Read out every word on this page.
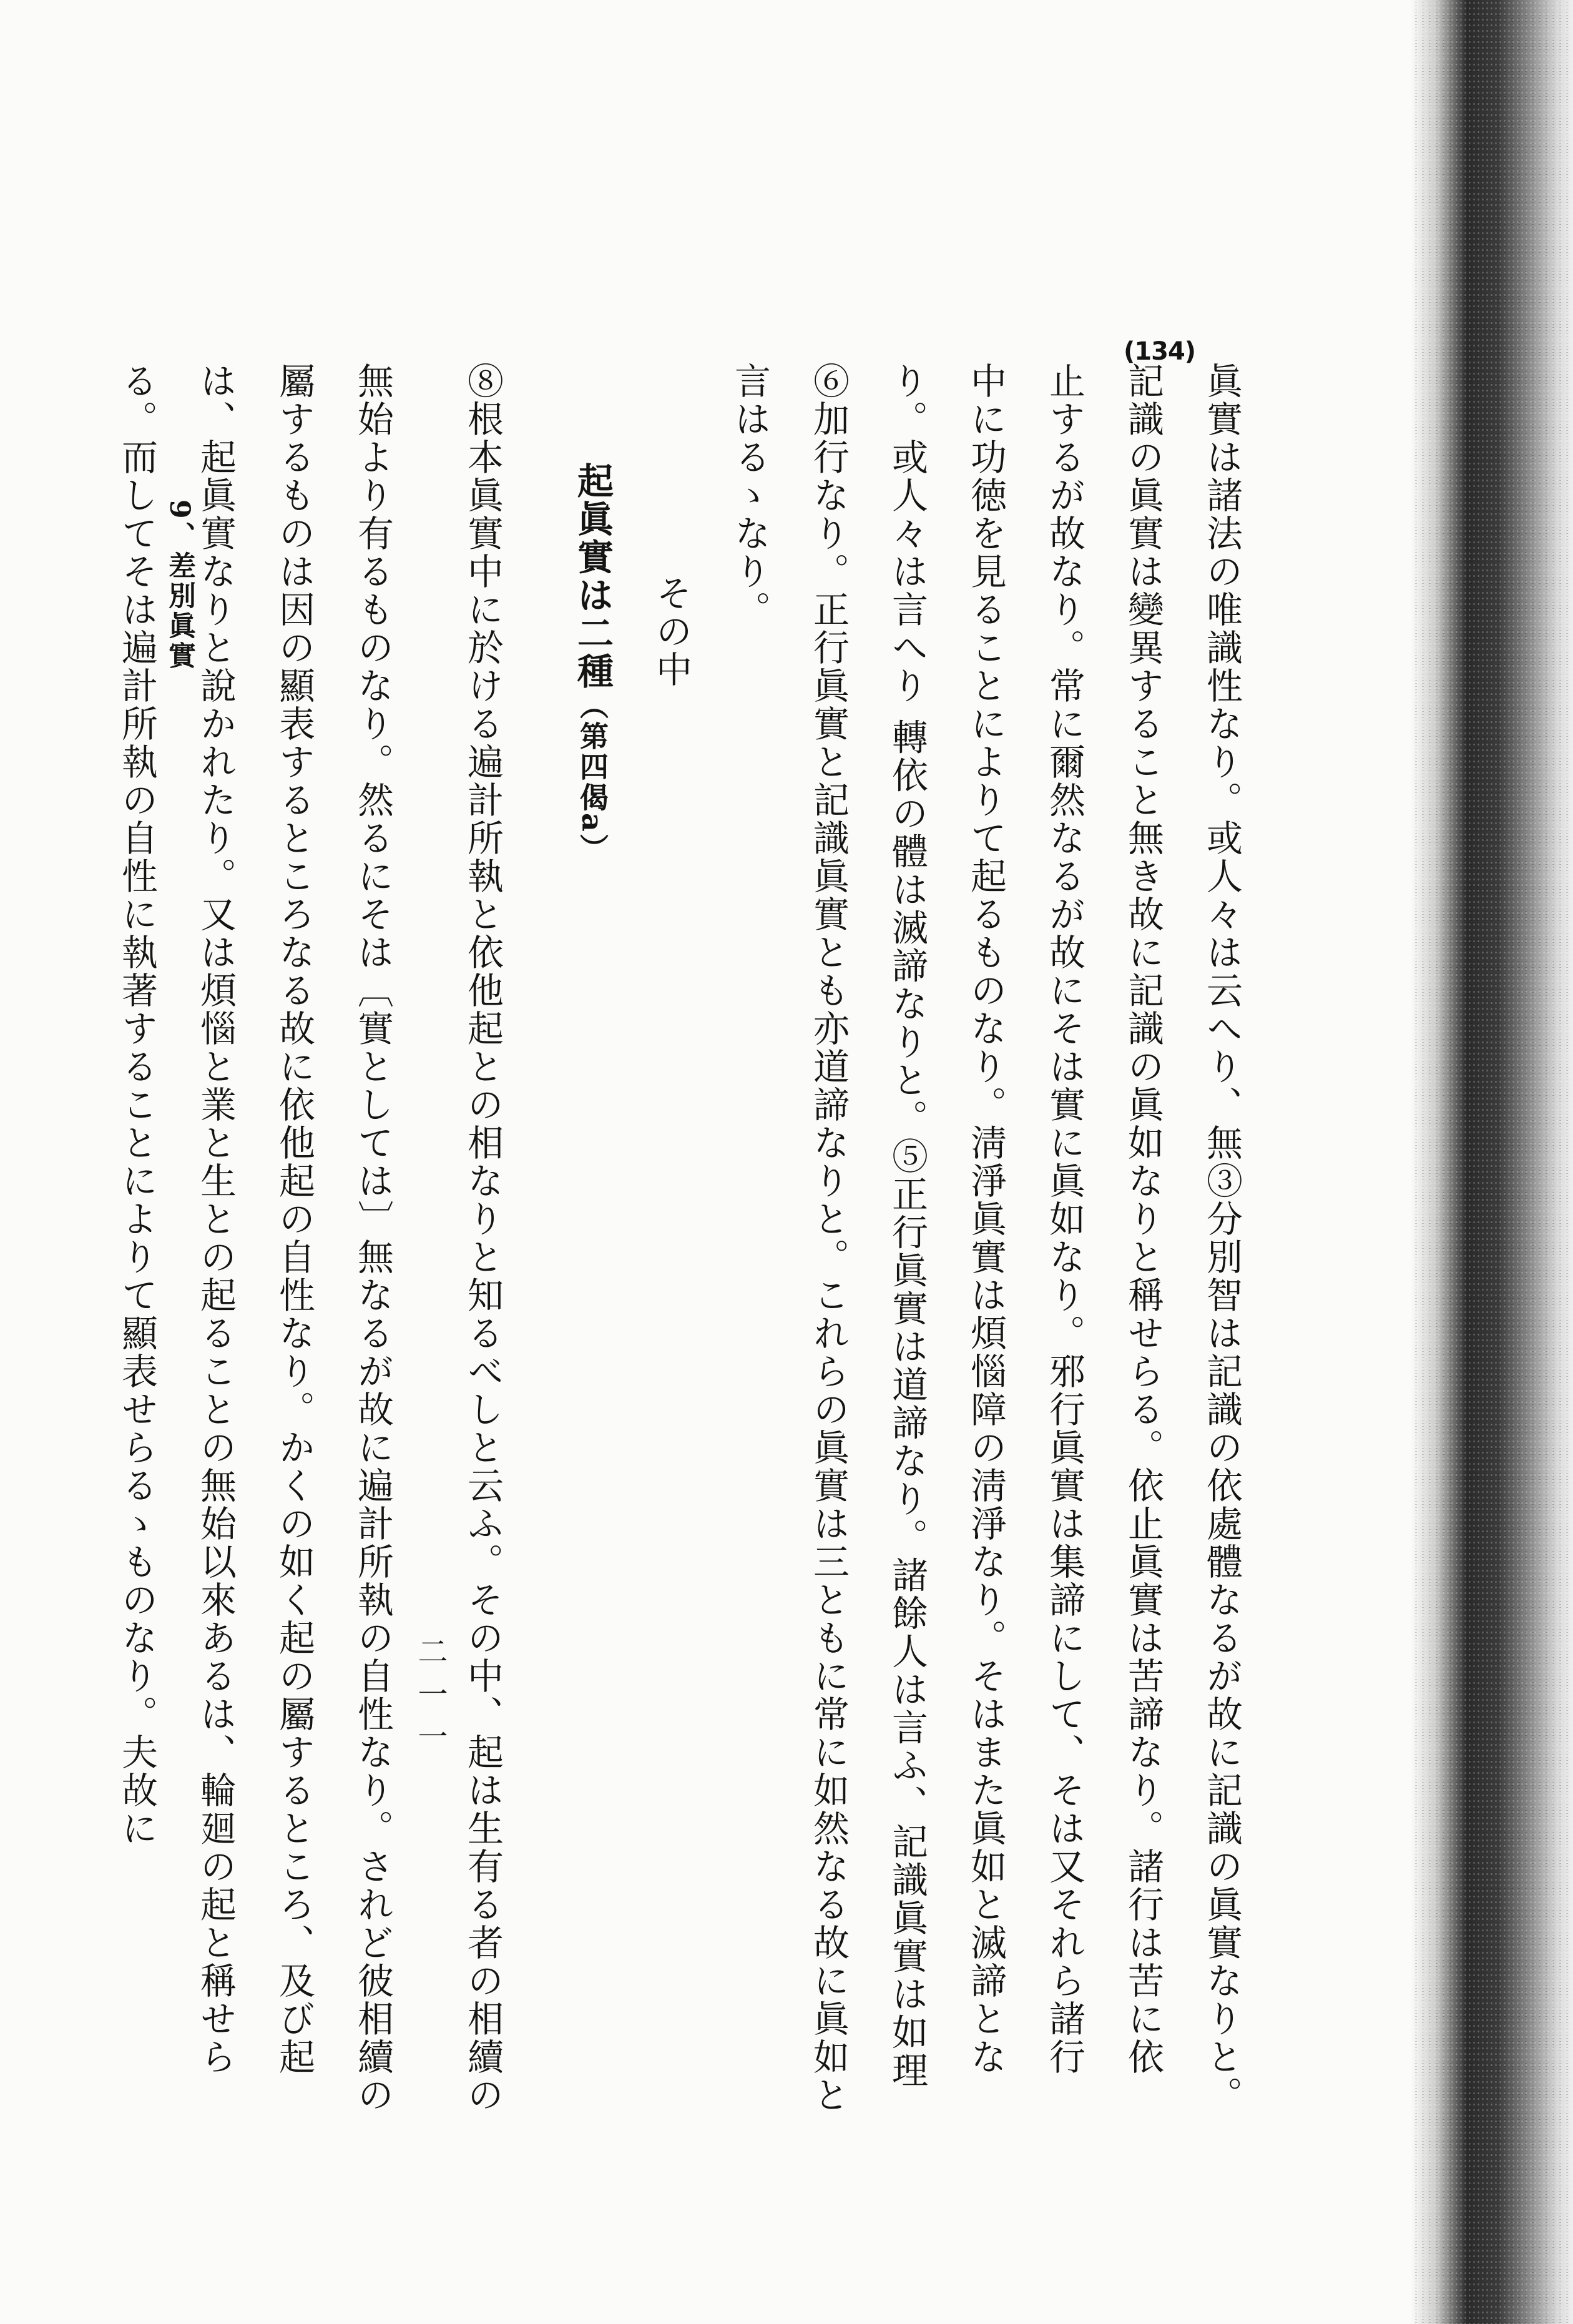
(134)
眞實は諸法の唯識性なり。或人々は云へり、無③分別智は記識の依處體なるが故に記識の眞實なりと。
記識の眞實は變異すること無き故に記識の眞如なりと稱せらる。依止眞實は苦諦なり。諸行は苦に依
止するが故なり。常に爾然なるが故にそは實に眞如なり。邪行眞實は集諦にして、そは又それら諸行
中に功徳を見ることによりて起るものなり。淸淨眞實は煩惱障の淸淨なり。そはまた眞如と滅諦とな
り。或人々は言へり 轉依の體は滅諦なりと。⑤正行眞實は道諦なり。諸餘人は言ふ、記識眞實は如理
⑥加行なり。正行眞實と記識眞實とも亦道諦なりと。これらの眞實は三ともに常に如然なる故に眞如と
言はるゝなり。
その中
起眞實は二種（第四偈a）
⑧根本眞實中に於ける遍計所執と依他起との相なりと知るべしと云ふ。その中、起は生有る者の相續の
無始より有るものなり。然るにそは〔實としては〕無なるが故に遍計所執の自性なり。されど彼相續の
屬するものは因の顯表するところなる故に依他起の自性なり。かくの如く起の屬するところ、及び起
は、起眞實なりと說かれたり。又は煩惱と業と生との起ることの無始以來あるは、輪廻の起と稱せら
る。而してそは遍計所執の自性に執著することによりて顯表せらるゝものなり。夫故に 9、差別眞實
二一一
